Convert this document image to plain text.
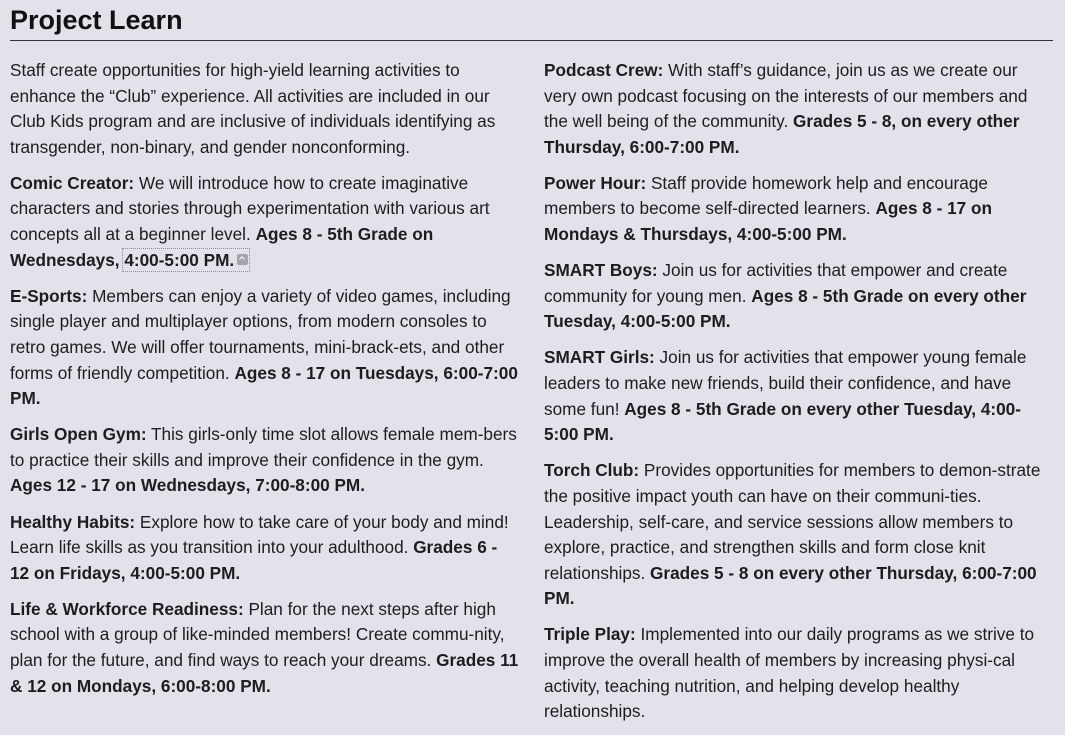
Project Learn

Staff create opportunities for high-yield learning activities to enhance the “Club” experience. All activities are included in our Club Kids program and are inclusive of individuals identifying as transgender, non-binary, and gender nonconforming.

Comic Creator: We will introduce how to create imaginative characters and stories through experimentation with various art concepts all at a beginner level. Ages 8 - 5th Grade on Wednesdays, 4:00-5:00 PM.

E-Sports: Members can enjoy a variety of video games, including single player and multiplayer options, from modern consoles to retro games. We will offer tournaments, mini-brack-ets, and other forms of friendly competition. Ages 8 - 17 on Tuesdays, 6:00-7:00 PM.

Girls Open Gym: This girls-only time slot allows female mem-bers to practice their skills and improve their confidence in the gym. Ages 12 - 17 on Wednesdays, 7:00-8:00 PM.

Healthy Habits: Explore how to take care of your body and mind! Learn life skills as you transition into your adulthood. Grades 6 - 12 on Fridays, 4:00-5:00 PM.

Life & Workforce Readiness: Plan for the next steps after high school with a group of like-minded members! Create commu-nity, plan for the future, and find ways to reach your dreams. Grades 11 & 12 on Mondays, 6:00-8:00 PM.

Podcast Crew: With staff’s guidance, join us as we create our very own podcast focusing on the interests of our members and the well being of the community. Grades 5 - 8, on every other Thursday, 6:00-7:00 PM.

Power Hour: Staff provide homework help and encourage members to become self-directed learners. Ages 8 - 17 on Mondays & Thursdays, 4:00-5:00 PM.

SMART Boys: Join us for activities that empower and create community for young men. Ages 8 - 5th Grade on every other Tuesday, 4:00-5:00 PM.

SMART Girls: Join us for activities that empower young female leaders to make new friends, build their confidence, and have some fun! Ages 8 - 5th Grade on every other Tuesday, 4:00-5:00 PM.

Torch Club: Provides opportunities for members to demon-strate the positive impact youth can have on their communi-ties. Leadership, self-care, and service sessions allow members to explore, practice, and strengthen skills and form close knit relationships. Grades 5 - 8 on every other Thursday, 6:00-7:00 PM.

Triple Play: Implemented into our daily programs as we strive to improve the overall health of members by increasing physi-cal activity, teaching nutrition, and helping develop healthy relationships.
